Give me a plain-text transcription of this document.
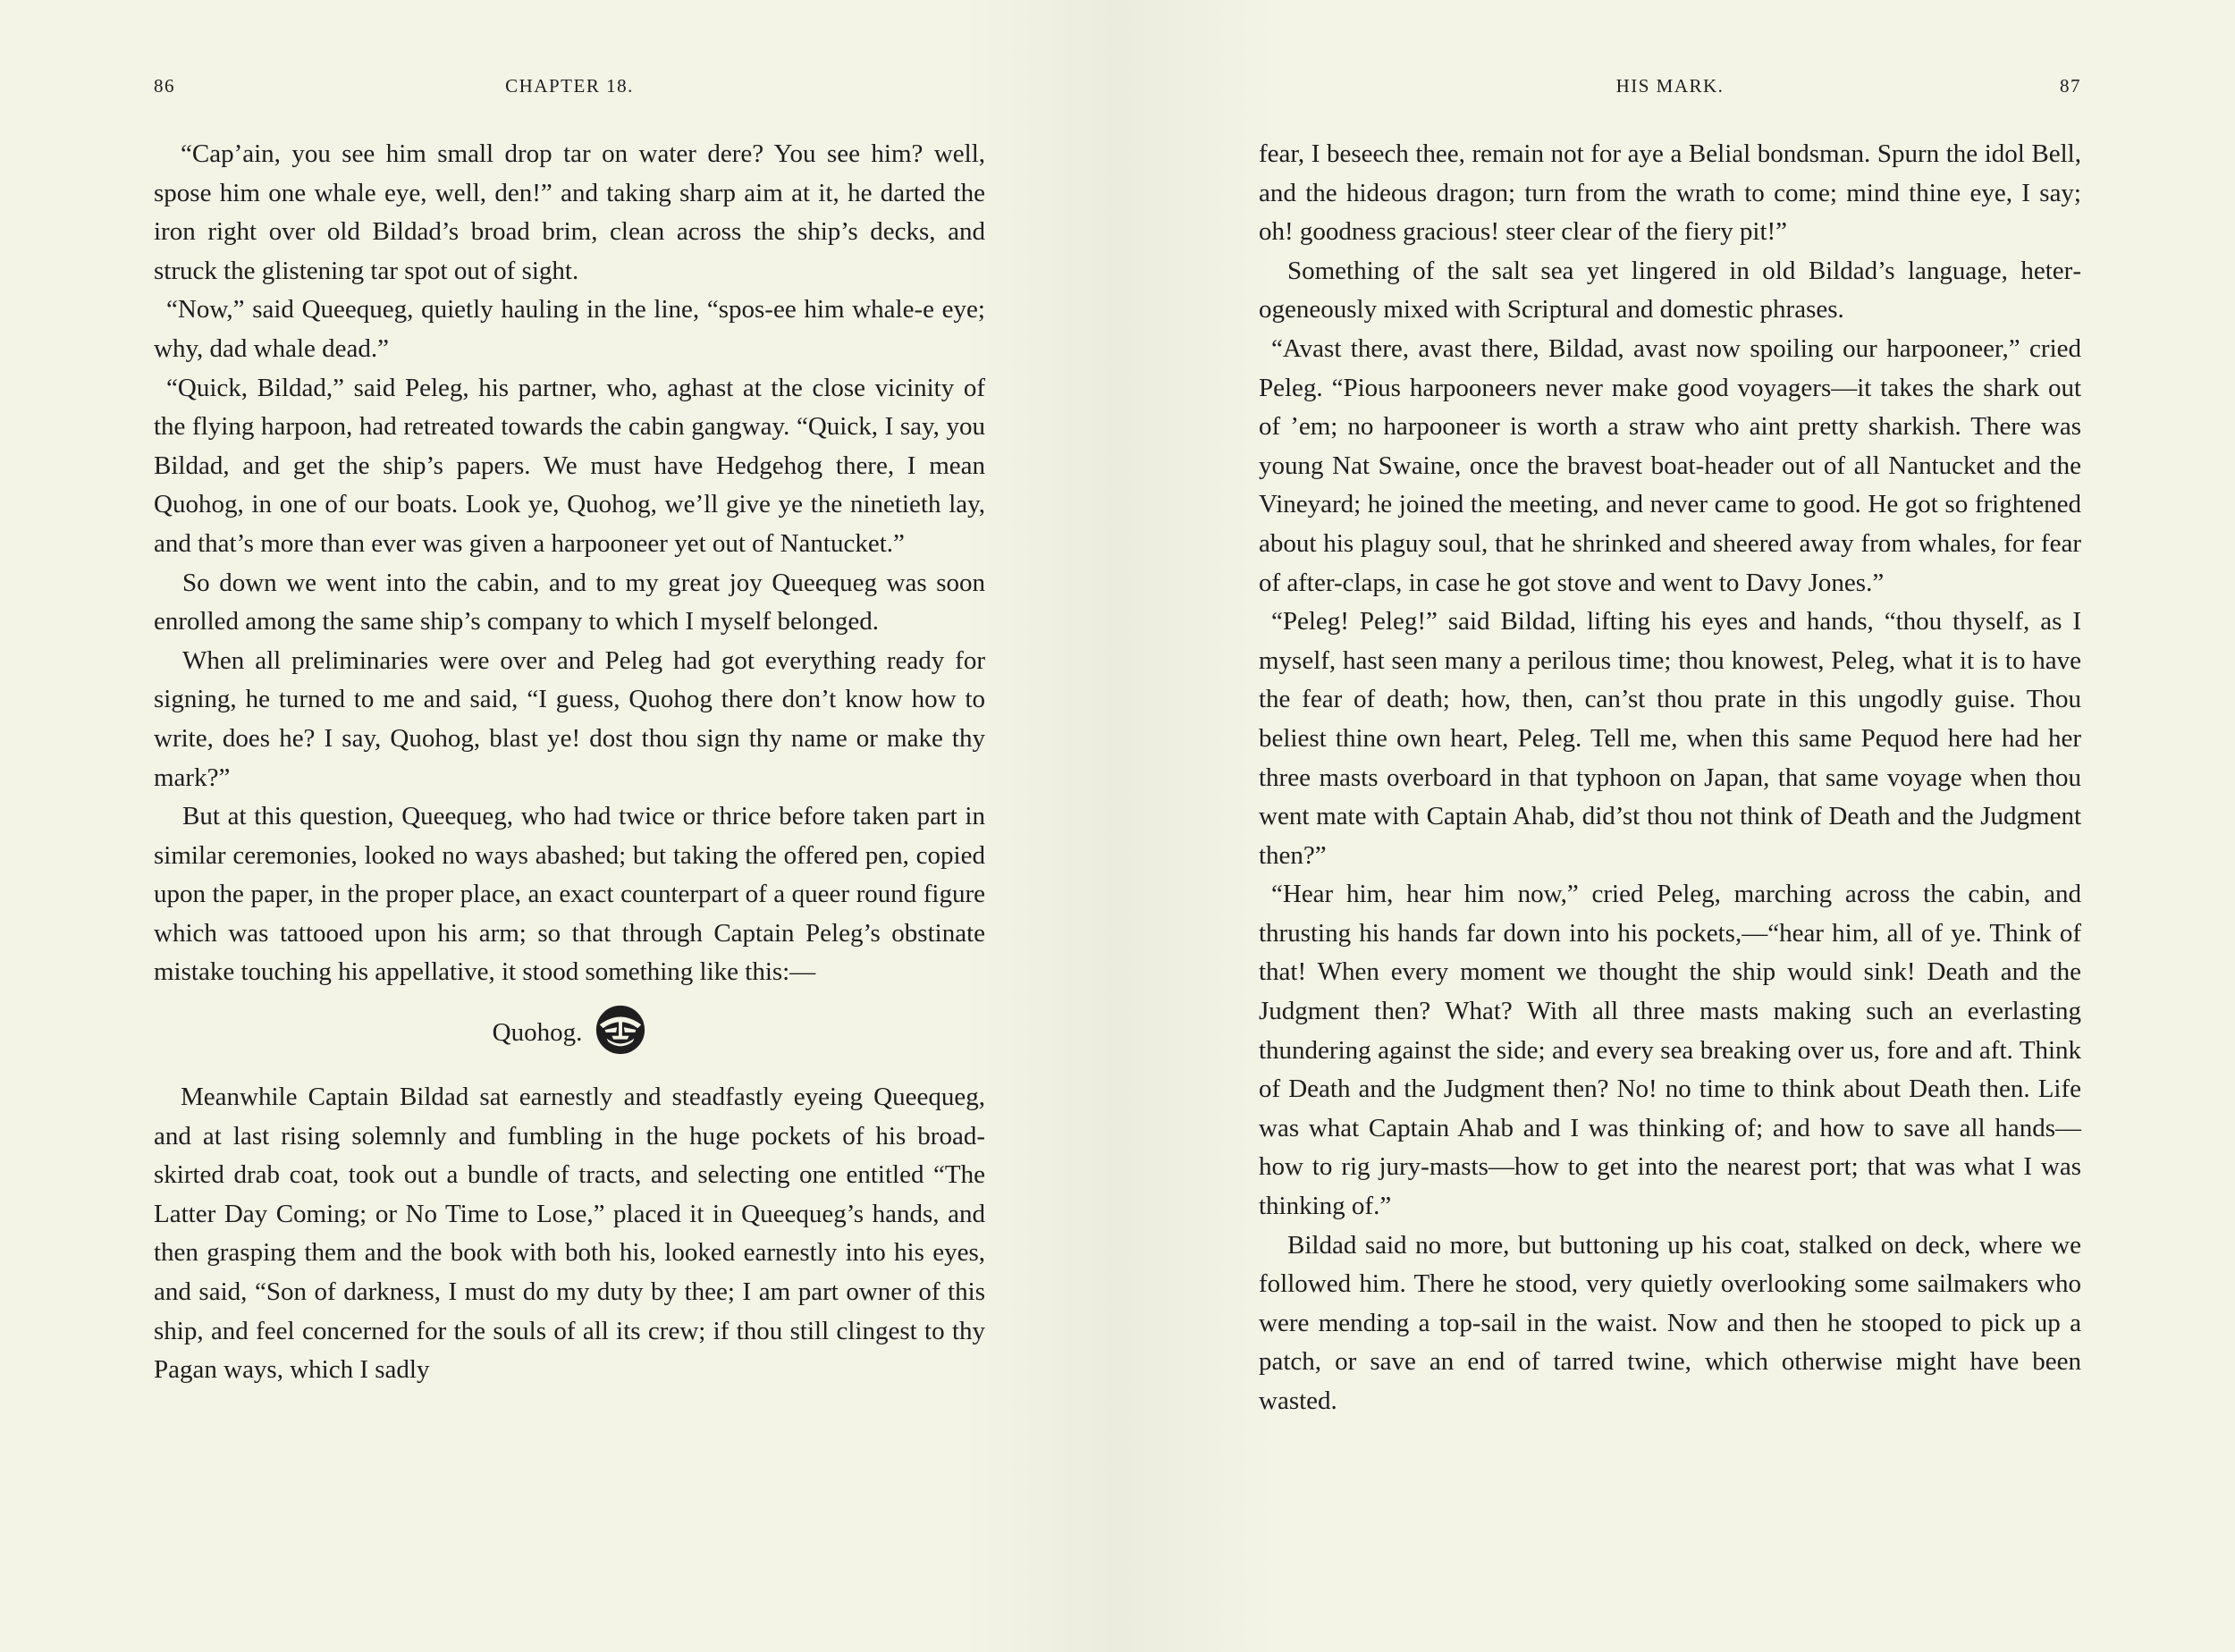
86	CHAPTER 18.

“Cap’ain, you see him small drop tar on water dere? You see him? well, spose him one whale eye, well, den!” and taking sharp aim at it, he darted the iron right over old Bildad’s broad brim, clean across the ship’s decks, and struck the glistening tar spot out of sight.

“Now,” said Queequeg, quietly hauling in the line, “spos-ee him whale-e eye; why, dad whale dead.”

“Quick, Bildad,” said Peleg, his partner, who, aghast at the close vicinity of the flying harpoon, had retreated towards the cabin gangway. “Quick, I say, you Bildad, and get the ship’s papers. We must have Hedgehog there, I mean Quohog, in one of our boats. Look ye, Quohog, we’ll give ye the ninetieth lay, and that’s more than ever was given a harpooneer yet out of Nantucket.”

So down we went into the cabin, and to my great joy Queequeg was soon enrolled among the same ship’s company to which I myself belonged.

When all preliminaries were over and Peleg had got everything ready for signing, he turned to me and said, “I guess, Quohog there don’t know how to write, does he? I say, Quohog, blast ye! dost thou sign thy name or make thy mark?”

But at this question, Queequeg, who had twice or thrice before taken part in similar ceremonies, looked no ways abashed; but taking the offered pen, copied upon the paper, in the proper place, an exact counterpart of a queer round figure which was tattooed upon his arm; so that through Captain Peleg’s obstinate mistake touching his appellative, it stood something like this:—

Quohog.

Meanwhile Captain Bildad sat earnestly and steadfastly eyeing Queequeg, and at last rising solemnly and fumbling in the huge pockets of his broad-skirted drab coat, took out a bundle of tracts, and selecting one entitled “The Latter Day Coming; or No Time to Lose,” placed it in Queequeg’s hands, and then grasping them and the book with both his, looked earnestly into his eyes, and said, “Son of darkness, I must do my duty by thee; I am part owner of this ship, and feel concerned for the souls of all its crew; if thou still clingest to thy Pagan ways, which I sadly

HIS MARK.	87

fear, I beseech thee, remain not for aye a Belial bondsman. Spurn the idol Bell, and the hideous dragon; turn from the wrath to come; mind thine eye, I say; oh! goodness gracious! steer clear of the fiery pit!”

Something of the salt sea yet lingered in old Bildad’s language, heterogeneously mixed with Scriptural and domestic phrases.

“Avast there, avast there, Bildad, avast now spoiling our harpooneer,” cried Peleg. “Pious harpooneers never make good voyagers—it takes the shark out of ’em; no harpooneer is worth a straw who aint pretty sharkish. There was young Nat Swaine, once the bravest boat-header out of all Nantucket and the Vineyard; he joined the meeting, and never came to good. He got so frightened about his plaguy soul, that he shrinked and sheered away from whales, for fear of after-claps, in case he got stove and went to Davy Jones.”

“Peleg! Peleg!” said Bildad, lifting his eyes and hands, “thou thyself, as I myself, hast seen many a perilous time; thou knowest, Peleg, what it is to have the fear of death; how, then, can’st thou prate in this ungodly guise. Thou beliest thine own heart, Peleg. Tell me, when this same Pequod here had her three masts overboard in that typhoon on Japan, that same voyage when thou went mate with Captain Ahab, did’st thou not think of Death and the Judgment then?”

“Hear him, hear him now,” cried Peleg, marching across the cabin, and thrusting his hands far down into his pockets,—“hear him, all of ye. Think of that! When every moment we thought the ship would sink! Death and the Judgment then? What? With all three masts making such an everlasting thundering against the side; and every sea breaking over us, fore and aft. Think of Death and the Judgment then? No! no time to think about Death then. Life was what Captain Ahab and I was thinking of; and how to save all hands—how to rig jury-masts—how to get into the nearest port; that was what I was thinking of.”

Bildad said no more, but buttoning up his coat, stalked on deck, where we followed him. There he stood, very quietly overlooking some sailmakers who were mending a top-sail in the waist. Now and then he stooped to pick up a patch, or save an end of tarred twine, which otherwise might have been wasted.
